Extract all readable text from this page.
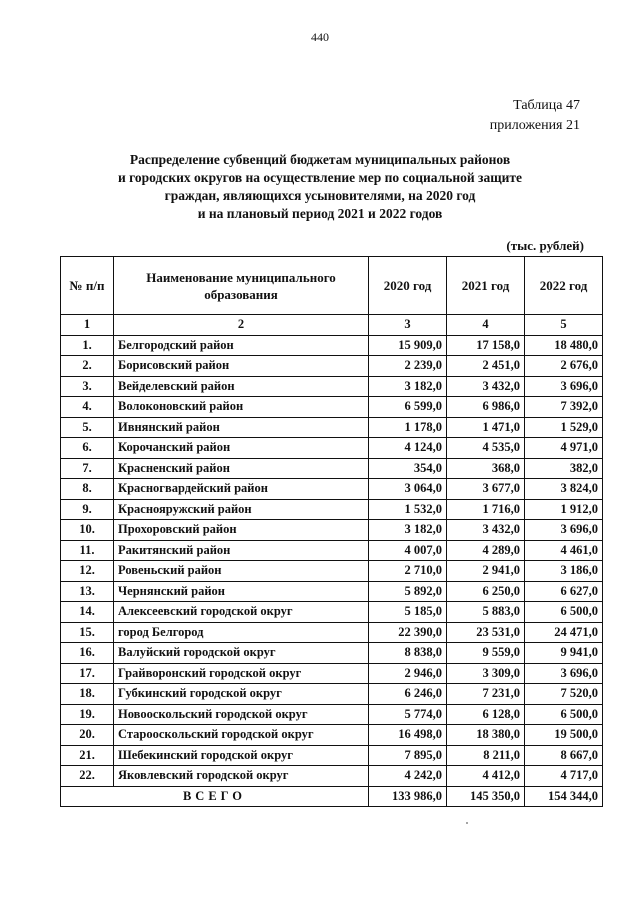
440
Таблица 47
приложения 21
Распределение субвенций бюджетам муниципальных районов
и городских округов на осуществление мер по социальной защите
граждан, являющихся усыновителями, на 2020 год
и на плановый период 2021 и 2022 годов
(тыс. рублей)
№ п/п	Наименование муниципального образования	2020 год	2021 год	2022 год
1	2	3	4	5
1.	Белгородский район	15 909,0	17 158,0	18 480,0
2.	Борисовский район	2 239,0	2 451,0	2 676,0
3.	Вейделевский район	3 182,0	3 432,0	3 696,0
4.	Волоконовский район	6 599,0	6 986,0	7 392,0
5.	Ивнянский район	1 178,0	1 471,0	1 529,0
6.	Корочанский район	4 124,0	4 535,0	4 971,0
7.	Красненский район	354,0	368,0	382,0
8.	Красногвардейский район	3 064,0	3 677,0	3 824,0
9.	Краснояружский район	1 532,0	1 716,0	1 912,0
10.	Прохоровский район	3 182,0	3 432,0	3 696,0
11.	Ракитянский район	4 007,0	4 289,0	4 461,0
12.	Ровеньский район	2 710,0	2 941,0	3 186,0
13.	Чернянский район	5 892,0	6 250,0	6 627,0
14.	Алексеевский городской округ	5 185,0	5 883,0	6 500,0
15.	город Белгород	22 390,0	23 531,0	24 471,0
16.	Валуйский городской округ	8 838,0	9 559,0	9 941,0
17.	Грайворонский городской округ	2 946,0	3 309,0	3 696,0
18.	Губкинский городской округ	6 246,0	7 231,0	7 520,0
19.	Новооскольский городской округ	5 774,0	6 128,0	6 500,0
20.	Старооскольский городской округ	16 498,0	18 380,0	19 500,0
21.	Шебекинский городской округ	7 895,0	8 211,0	8 667,0
22.	Яковлевский городской округ	4 242,0	4 412,0	4 717,0
ВСЕГО		133 986,0	145 350,0	154 344,0
